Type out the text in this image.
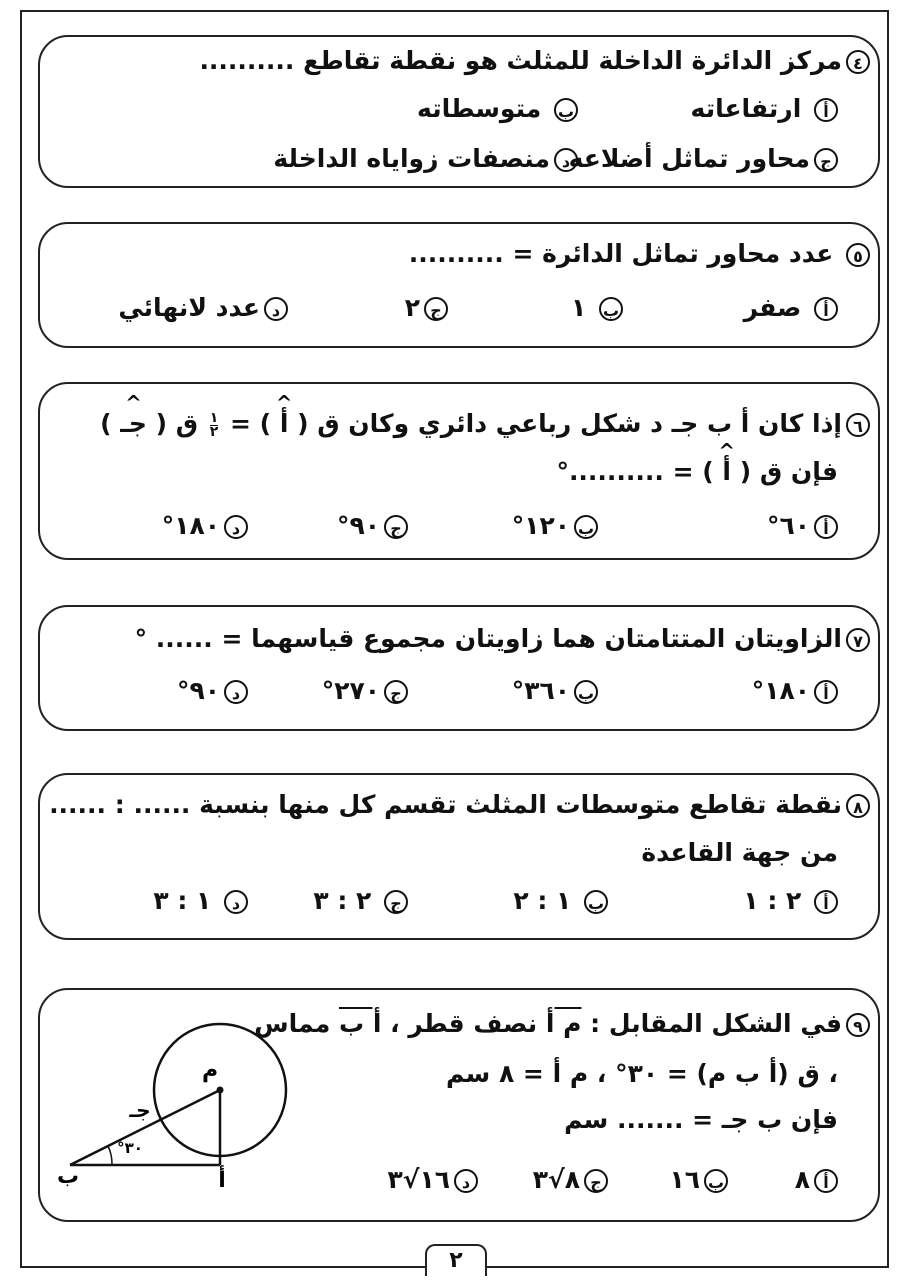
٤مركز الدائرة الداخلة للمثلث هو نقطة تقاطع ..........
أ ارتفاعاته
ب متوسطاته
جمحاور تماثل أضلاعه
دمنصفات زواياه الداخلة
٥ عدد محاور تماثل الدائرة = ..........
أ صفر
ب ١
ج٢
دعدد لانهائي
٦إذا كان أ ب جـ د شكل رباعي دائري وكان ق ( ^ أ ) =
$\frac{١}{٢}$
ق ( ^ جـ )
فإن ق ( ^ أ ) = ..........°
أ٦٠°
ب١٢٠°
ج٩٠°
د١٨٠°
٧الزاويتان المتتامتان هما زاويتان مجموع قياسهما = ...... °
أ١٨٠°
ب٣٦٠°
ج٢٧٠°
د٩٠°
٨نقطة تقاطع متوسطات المثلث تقسم كل منها بنسبة ...... : ......
من جهة القاعدة
أ ٢ : ١
ب ١ : ٢
ج ٢ : ٣
د ١ : ٣
٩في الشكل المقابل : م أ نصف قطر ، أ ب مماس
، ق (أ ب م) = ٣٠° ، م أ = ٨ سم
فإن ب جـ = ....... سم
أ٨
ب١٦
ج٨√٣
د١٦√٣
م
أ
ب
جـ
٣٠°
٢
